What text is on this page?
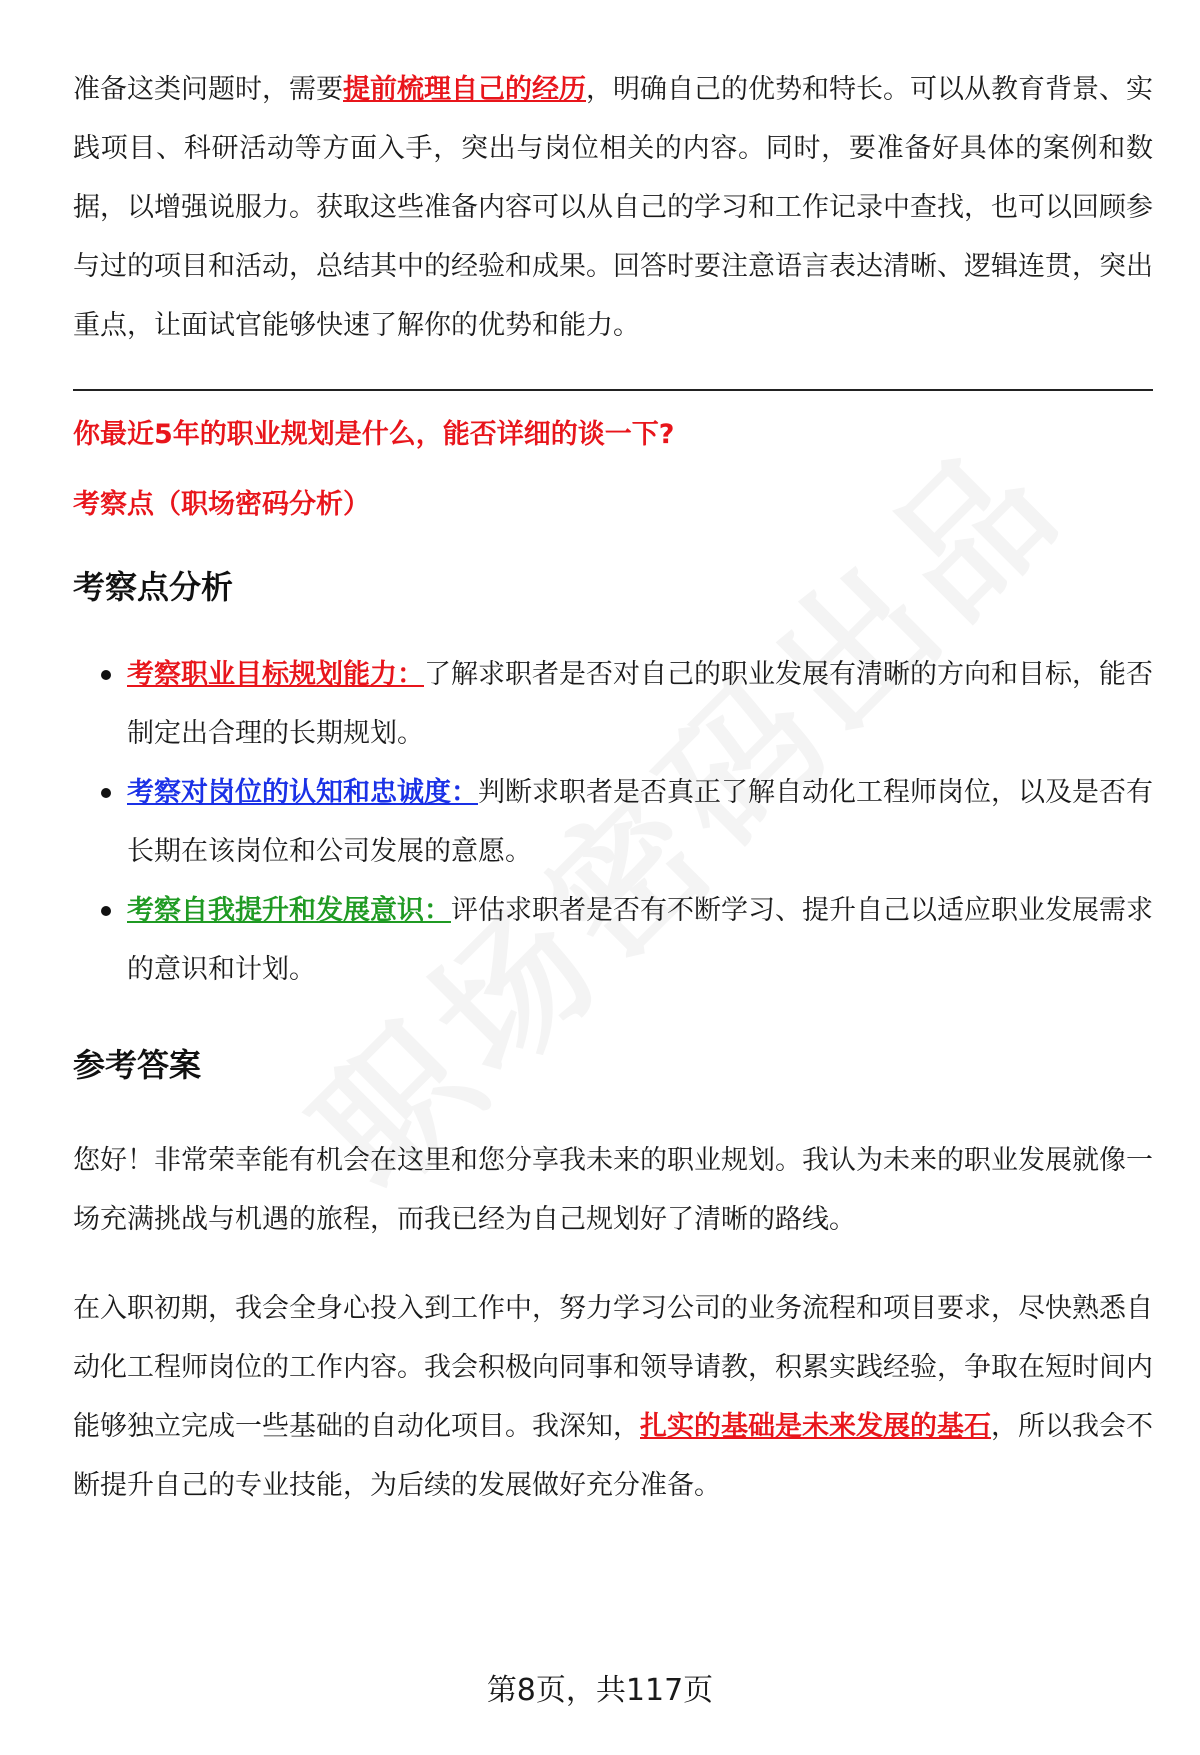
准备这类问题时，需要提前梳理自己的经历，明确自己的优势和特长。可以从教育背景、实践项目、科研活动等方面入手，突出与岗位相关的内容。同时，要准备好具体的案例和数据，以增强说服力。获取这些准备内容可以从自己的学习和工作记录中查找，也可以回顾参与过的项目和活动，总结其中的经验和成果。回答时要注意语言表达清晰、逻辑连贯，突出重点，让面试官能够快速了解你的优势和能力。

你最近5年的职业规划是什么，能否详细的谈一下?

考察点（职场密码分析）

考察点分析

考察职业目标规划能力：了解求职者是否对自己的职业发展有清晰的方向和目标，能否制定出合理的长期规划。
考察对岗位的认知和忠诚度：判断求职者是否真正了解自动化工程师岗位，以及是否有长期在该岗位和公司发展的意愿。
考察自我提升和发展意识：评估求职者是否有不断学习、提升自己以适应职业发展需求的意识和计划。

参考答案

您好！非常荣幸能有机会在这里和您分享我未来的职业规划。我认为未来的职业发展就像一场充满挑战与机遇的旅程，而我已经为自己规划好了清晰的路线。

在入职初期，我会全身心投入到工作中，努力学习公司的业务流程和项目要求，尽快熟悉自动化工程师岗位的工作内容。我会积极向同事和领导请教，积累实践经验，争取在短时间内能够独立完成一些基础的自动化项目。我深知，扎实的基础是未来发展的基石，所以我会不断提升自己的专业技能，为后续的发展做好充分准备。

第8页，共117页
